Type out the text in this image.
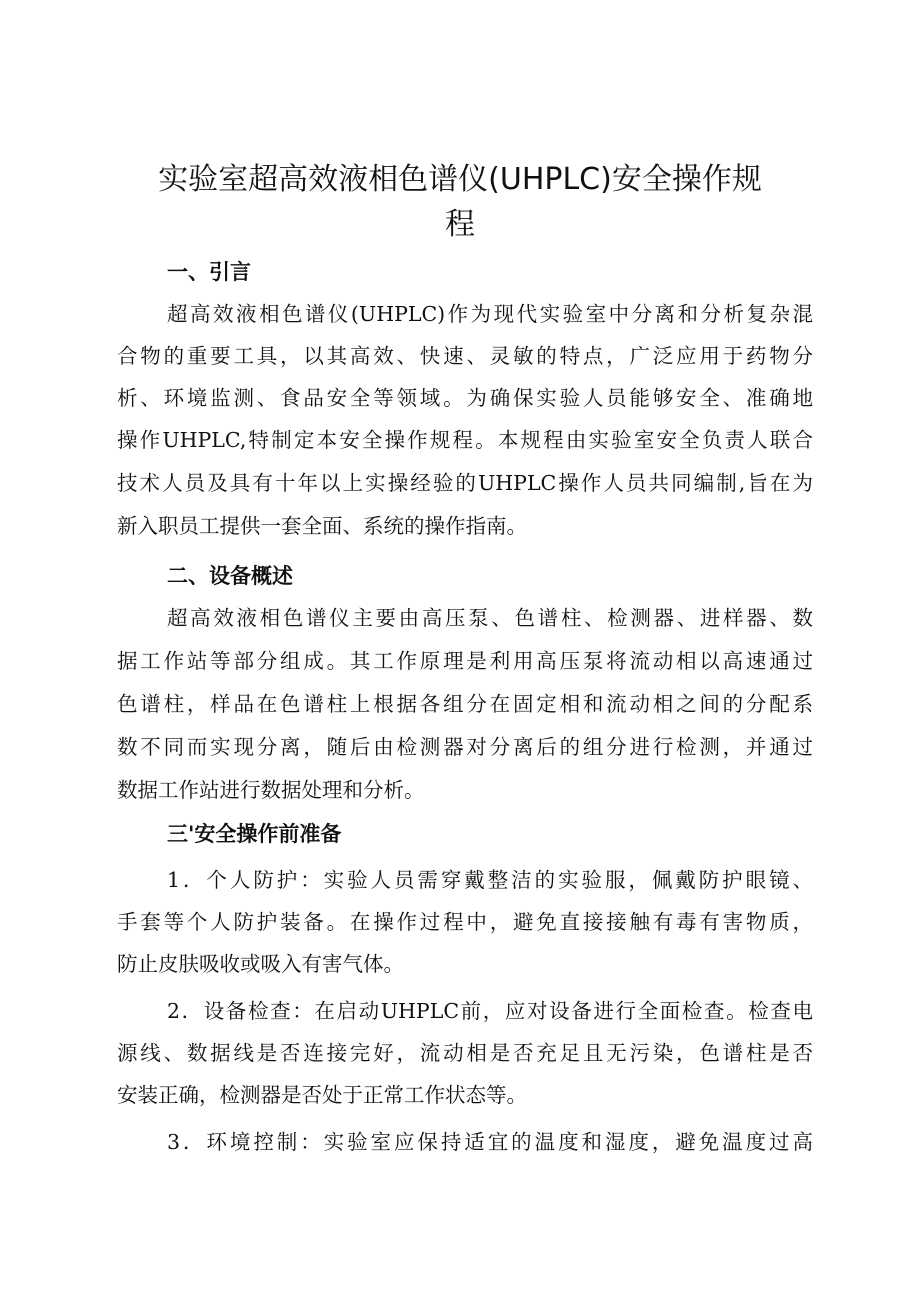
实验室超高效液相色谱仪(UHPLC)安全操作规
程
一、引言
超高效液相色谱仪(UHPLC)作为现代实验室中分离和分析复杂混
合物的重要工具，以其高效、快速、灵敏的特点，广泛应用于药物分
析、环境监测、食品安全等领域。为确保实验人员能够安全、准确地
操作UHPLC,特制定本安全操作规程。本规程由实验室安全负责人联合
技术人员及具有十年以上实操经验的UHPLC操作人员共同编制,旨在为
新入职员工提供一套全面、系统的操作指南。
二、设备概述
超高效液相色谱仪主要由高压泵、色谱柱、检测器、进样器、数
据工作站等部分组成。其工作原理是利用高压泵将流动相以高速通过
色谱柱，样品在色谱柱上根据各组分在固定相和流动相之间的分配系
数不同而实现分离，随后由检测器对分离后的组分进行检测，并通过
数据工作站进行数据处理和分析。
三'安全操作前准备
1．个人防护：实验人员需穿戴整洁的实验服，佩戴防护眼镜、
手套等个人防护装备。在操作过程中，避免直接接触有毒有害物质，
防止皮肤吸收或吸入有害气体。
2．设备检查：在启动UHPLC前，应对设备进行全面检查。检查电
源线、数据线是否连接完好，流动相是否充足且无污染，色谱柱是否
安装正确，检测器是否处于正常工作状态等。
3．环境控制：实验室应保持适宜的温度和湿度，避免温度过高
